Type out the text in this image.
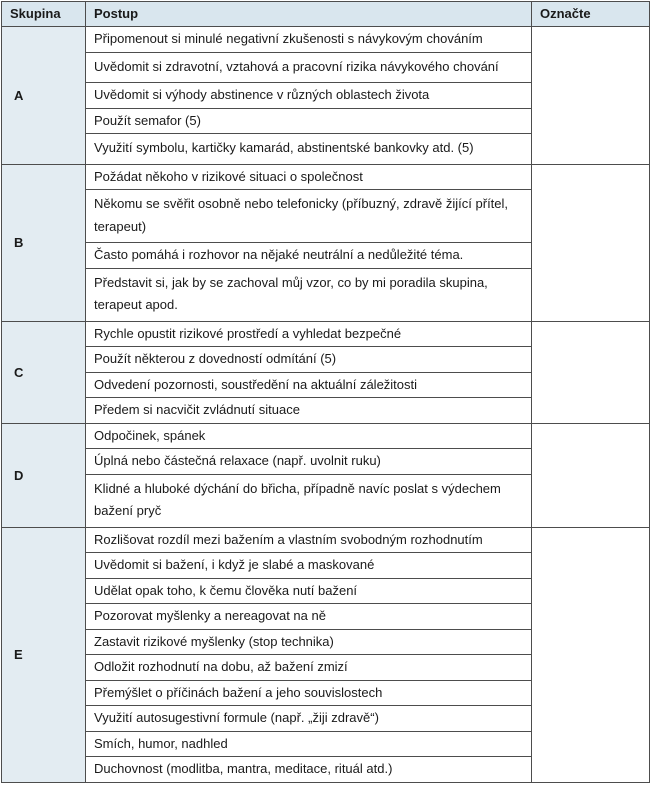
Skupina	Postup	Označte
A	Připomenout si minulé negativní zkušenosti s návykovým chováním	
	Uvědomit si zdravotní, vztahová a pracovní rizika návykového chování	
	Uvědomit si výhody abstinence v různých oblastech života	
	Použít semafor (5)	
	Využití symbolu, kartičky kamarád, abstinentské bankovky atd. (5)	
B	Požádat někoho v rizikové situaci o společnost	
	Někomu se svěřit osobně nebo telefonicky (příbuzný, zdravě žijící přítel, terapeut)	
	Často pomáhá i rozhovor na nějaké neutrální a nedůležité téma.	
	Představit si, jak by se zachoval můj vzor, co by mi poradila skupina, terapeut apod.	
C	Rychle opustit rizikové prostředí a vyhledat bezpečné	
	Použít některou z dovedností odmítání (5)	
	Odvedení pozornosti, soustředění na aktuální záležitosti	
	Předem si nacvičit zvládnutí situace	
D	Odpočinek, spánek	
	Úplná nebo částečná relaxace (např. uvolnit ruku)	
	Klidné a hluboké dýchání do břicha, případně navíc poslat s výdechem bažení pryč	
E	Rozlišovat rozdíl mezi bažením a vlastním svobodným rozhodnutím	
	Uvědomit si bažení, i když je slabé a maskované	
	Udělat opak toho, k čemu člověka nutí bažení	
	Pozorovat myšlenky a nereagovat na ně	
	Zastavit rizikové myšlenky (stop technika)	
	Odložit rozhodnutí na dobu, až bažení zmizí	
	Přemýšlet o příčinách bažení a jeho souvislostech	
	Využití autosugestivní formule (např. „žiji zdravě“)	
	Smích, humor, nadhled	
	Duchovnost (modlitba, mantra, meditace, rituál atd.)	
